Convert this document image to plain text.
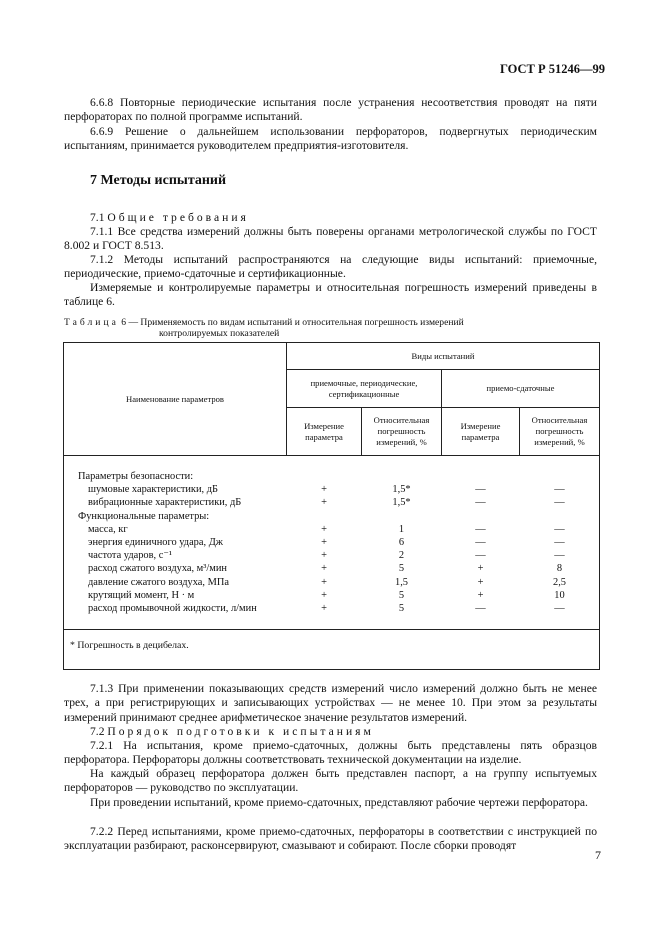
ГОСТ Р 51246—99
6.6.8 Повторные периодические испытания после устранения несоответствия проводят на пяти перфораторах по полной программе испытаний.
6.6.9 Решение о дальнейшем использовании перфораторов, подвергнутых периодическим испытаниям, принимается руководителем предприятия-изготовителя.
7 Методы испытаний
7.1 Общие требования
7.1.1 Все средства измерений должны быть поверены органами метрологической службы по ГОСТ 8.002 и ГОСТ 8.513.
7.1.2 Методы испытаний распространяются на следующие виды испытаний: приемочные, периодические, приемо-сдаточные и сертификационные.
Измеряемые и контролируемые параметры и относительная погрешность измерений приведены в таблице 6.
Таблица 6 — Применяемость по видам испытаний и относительная погрешность измерений
контролируемых показателей
Наименование параметров
Виды испытаний
приемочные, периодические, сертификационные
приемо-сдаточные
Измерение параметра
Относительная погрешность измерений, %
Измерение параметра
Относительная погрешность измерений, %
Параметры безопасности:
шумовые характеристики, дБ
вибрационные характеристики, дБ
Функциональные параметры:
масса, кг
энергия единичного удара, Дж
частота ударов, с⁻¹
расход сжатого воздуха, м³/мин
давление сжатого воздуха, МПа
крутящий момент, Н · м
расход промывочной жидкости, л/мин
+
+
+
+
+
+
+
+
+
1,5*
1,5*
1
6
2
5
1,5
5
5
—
—
—
—
—
+
+
+
—
—
—
—
—
—
8
2,5
10
—
* Погрешность в децибелах.
7.1.3 При применении показывающих средств измерений число измерений должно быть не менее трех, а при регистрирующих и записывающих устройствах — не менее 10. При этом за результаты измерений принимают среднее арифметическое значение результатов измерений.
7.2 Порядок подготовки к испытаниям
7.2.1 На испытания, кроме приемо-сдаточных, должны быть представлены пять образцов перфоратора. Перфораторы должны соответствовать технической документации на изделие.
На каждый образец перфоратора должен быть представлен паспорт, а на группу испытуемых перфораторов — руководство по эксплуатации.
При проведении испытаний, кроме приемо-сдаточных, представляют рабочие чертежи перфоратора.
7.2.2 Перед испытаниями, кроме приемо-сдаточных, перфораторы в соответствии с инструкцией по эксплуатации разбирают, расконсервируют, смазывают и собирают. После сборки проводят
7
